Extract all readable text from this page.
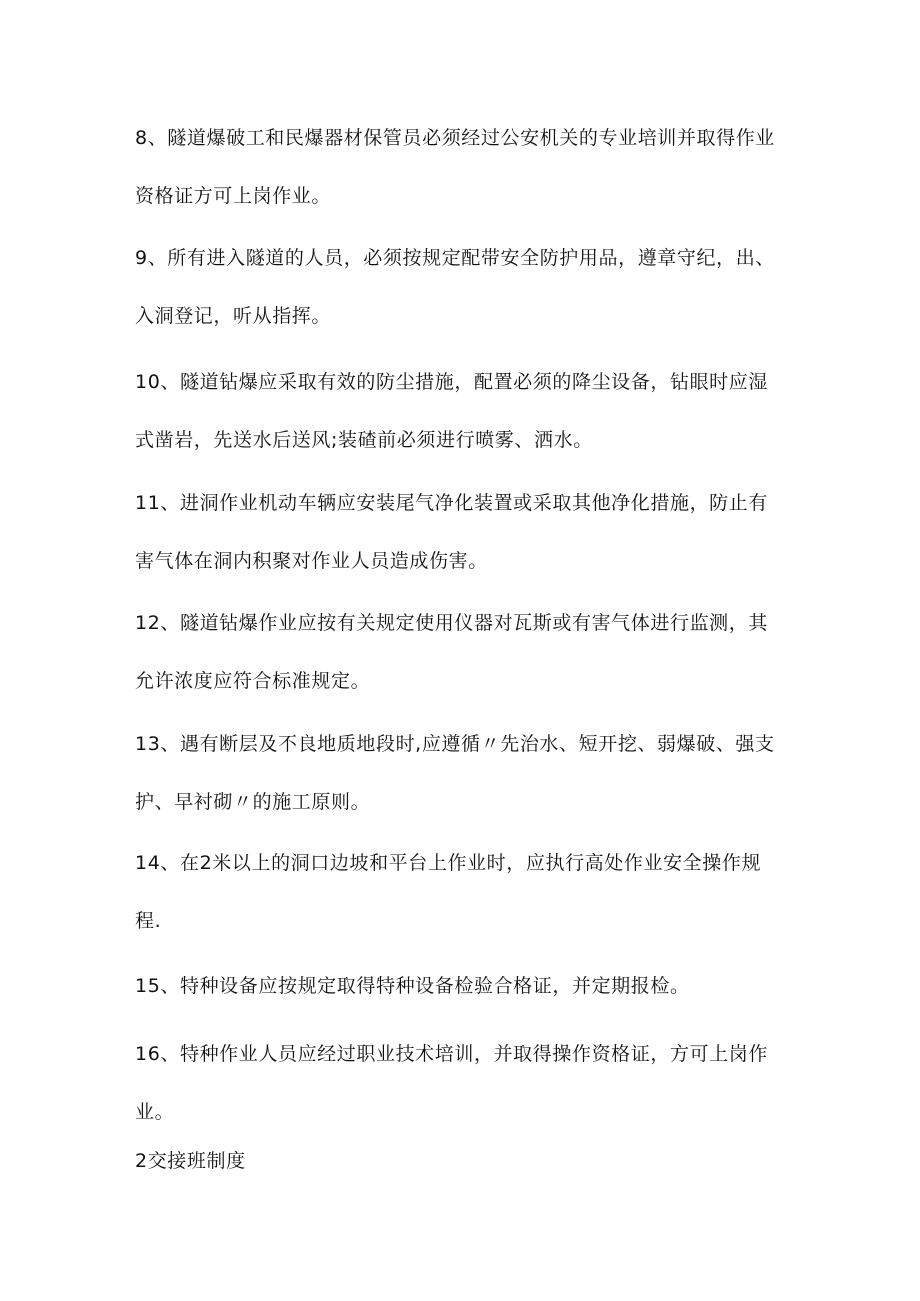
8、隧道爆破工和民爆器材保管员必须经过公安机关的专业培训并取得作业
资格证方可上岗作业。
9、所有进入隧道的人员，必须按规定配带安全防护用品，遵章守纪，出、
入洞登记，听从指挥。
10、隧道钻爆应采取有效的防尘措施，配置必须的降尘设备，钻眼时应湿
式凿岩，先送水后送风;装碴前必须进行喷雾、洒水。
11、进洞作业机动车辆应安装尾气净化装置或采取其他净化措施，防止有
害气体在洞内积聚对作业人员造成伤害。
12、隧道钻爆作业应按有关规定使用仪器对瓦斯或有害气体进行监测，其
允许浓度应符合标准规定。
13、遇有断层及不良地质地段时,应遵循〃先治水、短开挖、弱爆破、强支
护、早衬砌〃的施工原则。
14、在2米以上的洞口边坡和平台上作业时，应执行高处作业安全操作规
程.
15、特种设备应按规定取得特种设备检验合格证，并定期报检。
16、特种作业人员应经过职业技术培训，并取得操作资格证，方可上岗作
业。
2交接班制度
